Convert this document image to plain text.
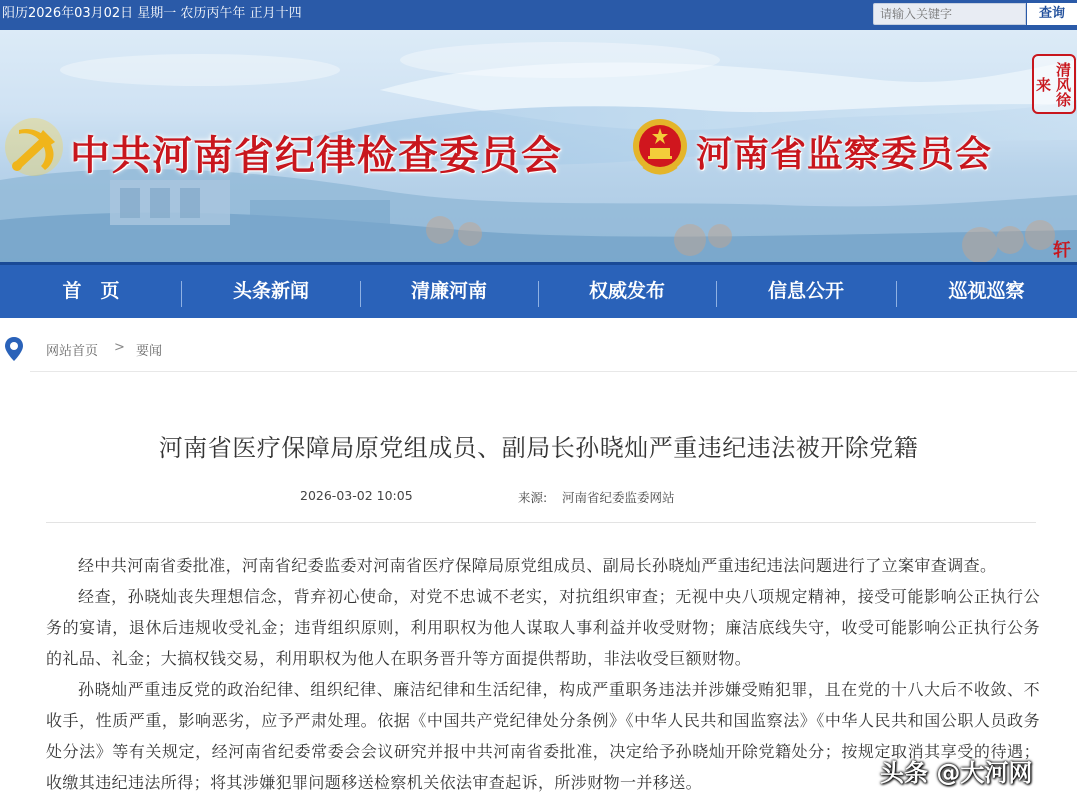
阳历2026年03月02日 星期一 农历丙午年 正月十四
请输入关键字	查询
中共河南省纪律检查委员会	河南省监察委员会
清风徐来
轩
首　页	头条新闻	清廉河南	权威发布	信息公开	巡视巡察
网站首页 > 要闻
河南省医疗保障局原党组成员、副局长孙晓灿严重违纪违法被开除党籍
2026-03-02 10:05	来源: 河南省纪委监委网站

经中共河南省委批准，河南省纪委监委对河南省医疗保障局原党组成员、副局长孙晓灿严重违纪违法问题进行了立案审查调查。

经查，孙晓灿丧失理想信念，背弃初心使命，对党不忠诚不老实，对抗组织审查；无视中央八项规定精神，接受可能影响公正执行公务的宴请，退休后违规收受礼金；违背组织原则，利用职权为他人谋取人事利益并收受财物；廉洁底线失守，收受可能影响公正执行公务的礼品、礼金；大搞权钱交易，利用职权为他人在职务晋升等方面提供帮助，非法收受巨额财物。

孙晓灿严重违反党的政治纪律、组织纪律、廉洁纪律和生活纪律，构成严重职务违法并涉嫌受贿犯罪，且在党的十八大后不收敛、不收手，性质严重，影响恶劣，应予严肃处理。依据《中国共产党纪律处分条例》《中华人民共和国监察法》《中华人民共和国公职人员政务处分法》等有关规定，经河南省纪委常委会会议研究并报中共河南省委批准，决定给予孙晓灿开除党籍处分；按规定取消其享受的待遇；收缴其违纪违法所得；将其涉嫌犯罪问题移送检察机关依法审查起诉，所涉财物一并移送。	头条 @大河网
